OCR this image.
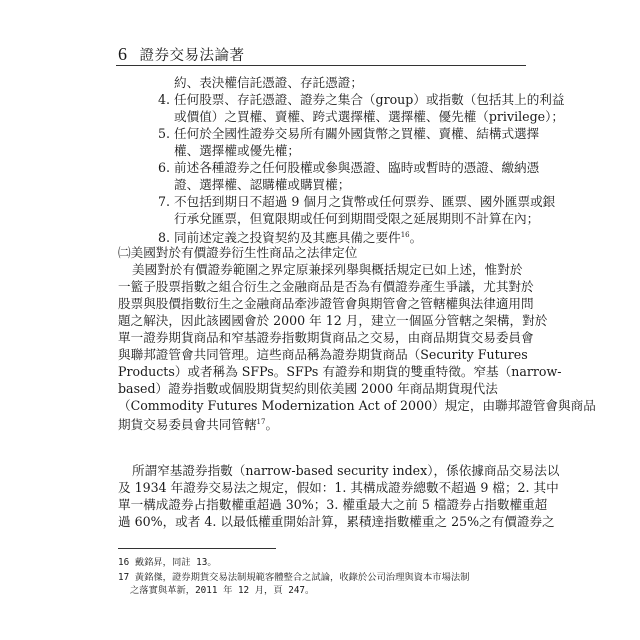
6 證券交易法論著
約、表決權信託憑證、存託憑證；
4. 任何股票、存託憑證、證券之集合（group）或指數（包括其上的利益
或價值）之買權、賣權、跨式選擇權、選擇權、優先權（privilege）；
5. 任何於全國性證券交易所有關外國貨幣之買權、賣權、結構式選擇
權、選擇權或優先權；
6. 前述各種證券之任何股權或參與憑證、臨時或暫時的憑證、繳納憑
證、選擇權、認購權或購買權；
7. 不包括到期日不超過 9 個月之貨幣或任何票券、匯票、國外匯票或銀
行承兌匯票，但寬限期或任何到期間受限之延展期則不計算在內；
8. 同前述定義之投資契約及其應具備之要件$^{16}$。
㈡美國對於有價證券衍生性商品之法律定位
美國對於有價證券範圍之界定原兼採列舉與概括規定已如上述，惟對於
一籃子股票指數之組合衍生之金融商品是否為有價證券產生爭議，尤其對於
股票與股價指數衍生之金融商品牽涉證管會與期管會之管轄權與法律適用問
題之解決，因此該國國會於 2000 年 12 月，建立一個區分管轄之架構，對於
單一證券期貨商品和窄基證券指數期貨商品之交易，由商品期貨交易委員會
與聯邦證管會共同管理。這些商品稱為證券期貨商品（Security Futures
Products）或者稱為 SFPs。SFPs 有證券和期貨的雙重特徵。窄基（narrow-
based）證券指數或個股期貨契約則依美國 2000 年商品期貨現代法
（Commodity Futures Modernization Act of 2000）規定，由聯邦證管會與商品
期貨交易委員會共同管轄$^{17}$。
所謂窄基證券指數（narrow-based security index），係依據商品交易法以
及 1934 年證券交易法之規定，假如：1. 其構成證券總數不超過 9 檔；2. 其中
單一構成證券占指數權重超過 30%；3. 權重最大之前 5 檔證券占指數權重超
過 60%，或者 4. 以最低權重開始計算，累積達指數權重之 25%之有價證券之
16 戴銘昇，同註 13。
17 黃銘傑，證券期貨交易法制規範客體整合之試論，收錄於公司治理與資本市場法制
之落實與革新，2011 年 12 月，頁 247。
